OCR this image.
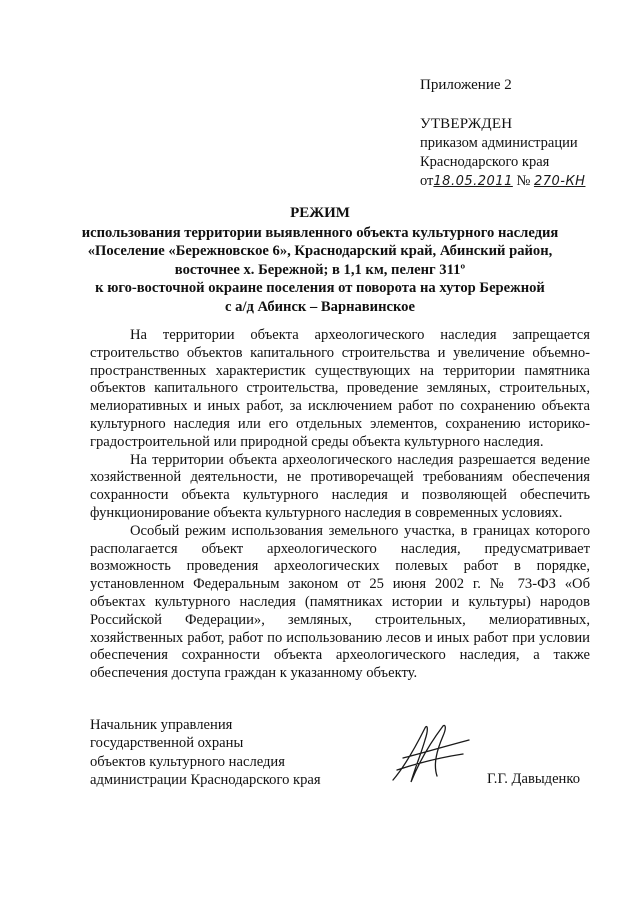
Приложение 2
УТВЕРЖДЕН
приказом администрации
Краснодарского края
от18.05.2011 № 270-КН
РЕЖИМ
использования территории выявленного объекта культурного наследия
«Поселение «Бережновское 6», Краснодарский край, Абинский район,
восточнее х. Бережной; в 1,1 км, пеленг 311º
к юго-восточной окраине поселения от поворота на хутор Бережной
с а/д Абинск – Варнавинское

На территории объекта археологического наследия запрещается строительство объектов капитального строительства и увеличение объемно-пространственных характеристик существующих на территории памятника объектов капитального строительства, проведение земляных, строительных, мелиоративных и иных работ, за исключением работ по сохранению объекта культурного наследия или его отдельных элементов, сохранению историко-градостроительной или природной среды объекта культурного наследия.

На территории объекта археологического наследия разрешается ведение хозяйственной деятельности, не противоречащей требованиям обеспечения сохранности объекта культурного наследия и позволяющей обеспечить функционирование объекта культурного наследия в современных условиях.

Особый режим использования земельного участка, в границах которого располагается объект археологического наследия, предусматривает возможность проведения археологических полевых работ в порядке, установленном Федеральным законом от 25 июня 2002 г. № 73-ФЗ «Об объектах культурного наследия (памятниках истории и культуры) народов Российской Федерации», земляных, строительных, мелиоративных, хозяйственных работ, работ по использованию лесов и иных работ при условии обеспечения сохранности объекта археологического наследия, а также обеспечения доступа граждан к указанному объекту.

Начальник управления
государственной охраны
объектов культурного наследия
администрации Краснодарского края	Г.Г. Давыденко
